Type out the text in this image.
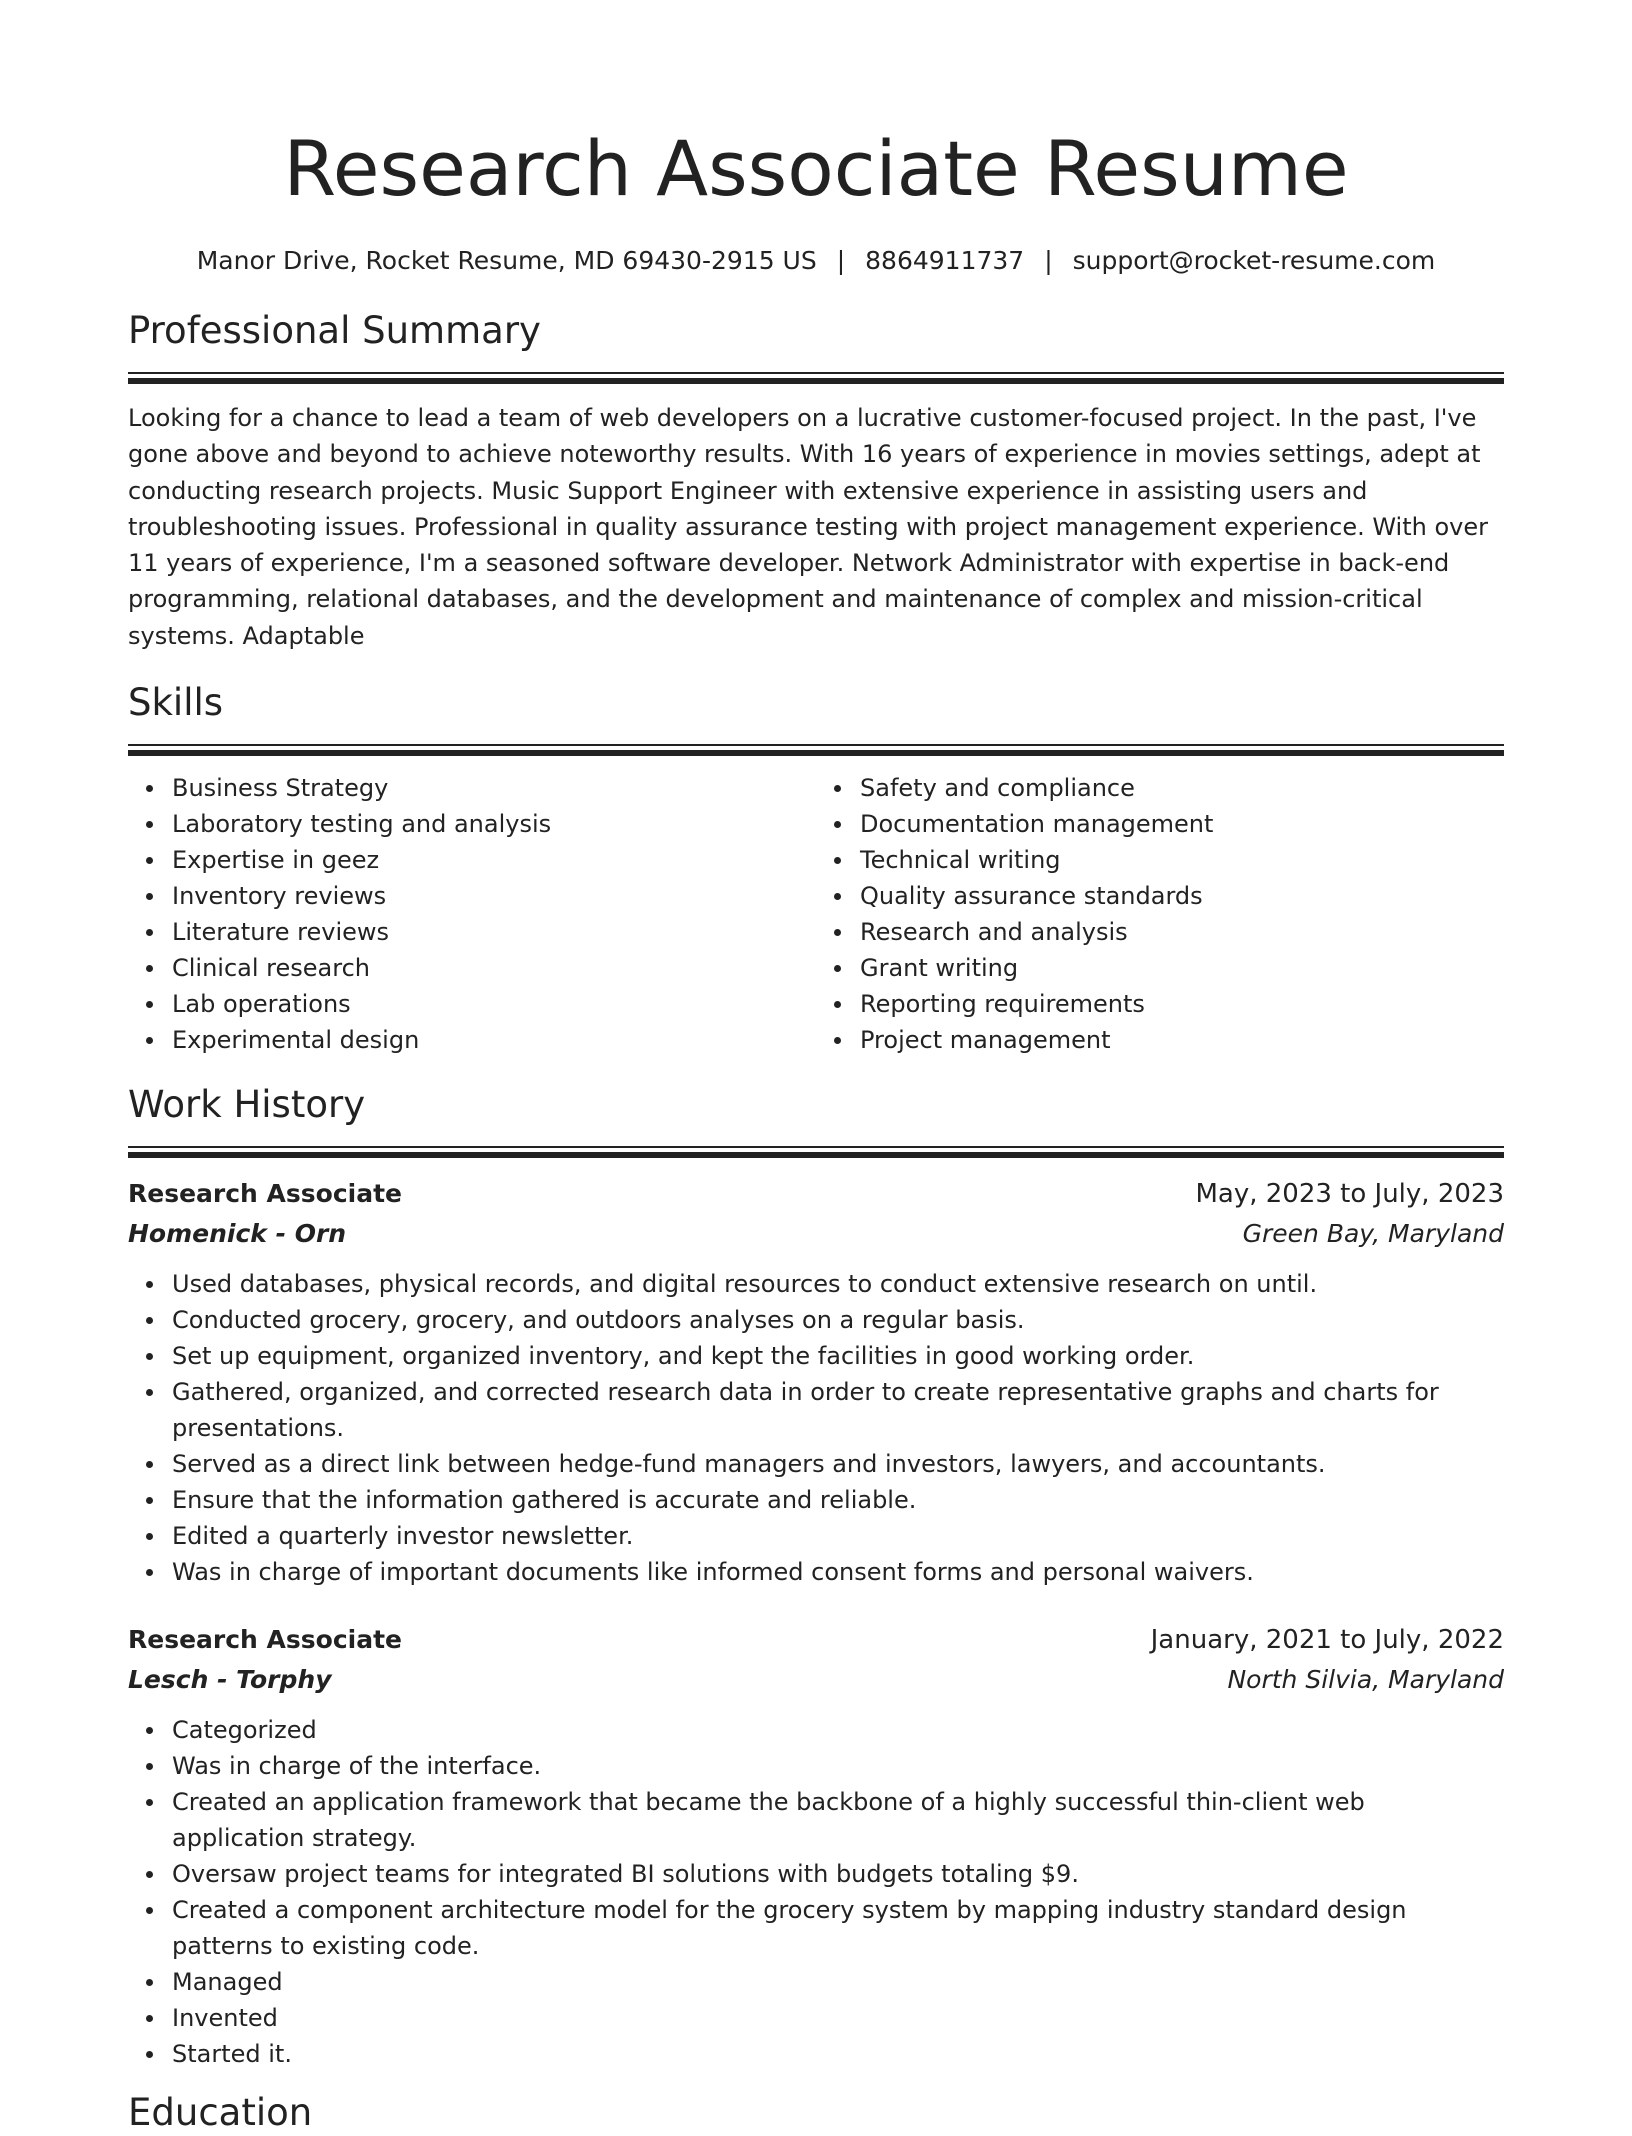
Research Associate Resume
Manor Drive, Rocket Resume, MD 69430-2915 US | 8864911737 | support@rocket-resume.com
Professional Summary

Looking for a chance to lead a team of web developers on a lucrative customer-focused project. In the past, I've gone above and beyond to achieve noteworthy results. With 16 years of experience in movies settings, adept at conducting research projects. Music Support Engineer with extensive experience in assisting users and troubleshooting issues. Professional in quality assurance testing with project management experience. With over 11 years of experience, I'm a seasoned software developer. Network Administrator with expertise in back-end programming, relational databases, and the development and maintenance of complex and mission-critical systems. Adaptable

Skills
Business Strategy
Laboratory testing and analysis
Expertise in geez
Inventory reviews
Literature reviews
Clinical research
Lab operations
Experimental design
Safety and compliance
Documentation management
Technical writing
Quality assurance standards
Research and analysis
Grant writing
Reporting requirements
Project management
Work History
Research Associate	May, 2023 to July, 2023
Homenick - Orn	Green Bay, Maryland
Used databases, physical records, and digital resources to conduct extensive research on until.
Conducted grocery, grocery, and outdoors analyses on a regular basis.
Set up equipment, organized inventory, and kept the facilities in good working order.
Gathered, organized, and corrected research data in order to create representative graphs and charts for presentations.
Served as a direct link between hedge-fund managers and investors, lawyers, and accountants.
Ensure that the information gathered is accurate and reliable.
Edited a quarterly investor newsletter.
Was in charge of important documents like informed consent forms and personal waivers.
Research Associate	January, 2021 to July, 2022
Lesch - Torphy	North Silvia, Maryland
Categorized
Was in charge of the interface.
Created an application framework that became the backbone of a highly successful thin-client web application strategy.
Oversaw project teams for integrated BI solutions with budgets totaling $9.
Created a component architecture model for the grocery system by mapping industry standard design patterns to existing code.
Managed
Invented
Started it.
Education
